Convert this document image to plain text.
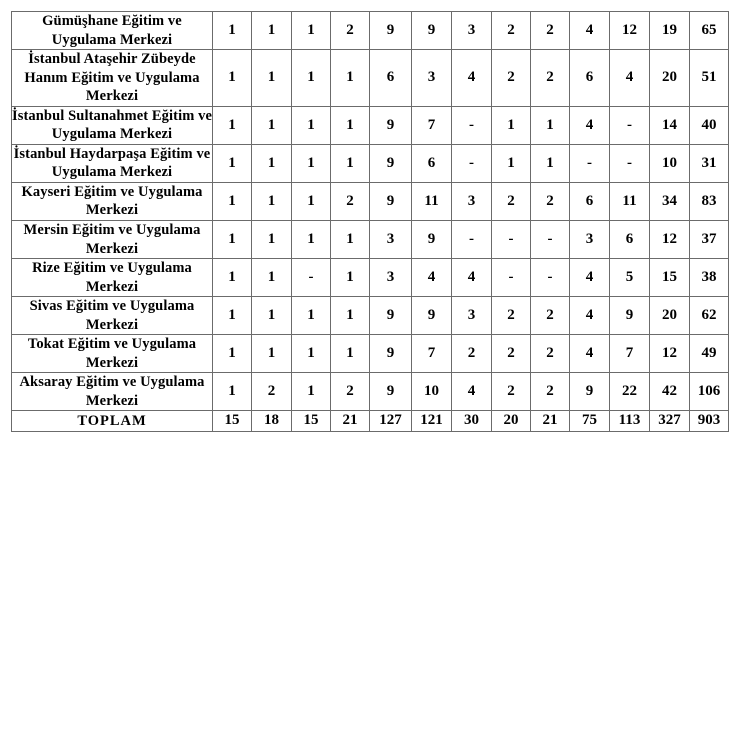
Gümüşhane Eğitim ve Uygulama Merkezi	1	1	1	2	9	9	3	2	2	4	12	19	65
İstanbul Ataşehir Zübeyde Hanım Eğitim ve Uygulama Merkezi	1	1	1	1	6	3	4	2	2	6	4	20	51
İstanbul Sultanahmet Eğitim ve Uygulama Merkezi	1	1	1	1	9	7	-	1	1	4	-	14	40
İstanbul Haydarpaşa Eğitim ve Uygulama Merkezi	1	1	1	1	9	6	-	1	1	-	-	10	31
Kayseri Eğitim ve Uygulama Merkezi	1	1	1	2	9	11	3	2	2	6	11	34	83
Mersin Eğitim ve Uygulama Merkezi	1	1	1	1	3	9	-	-	-	3	6	12	37
Rize Eğitim ve Uygulama Merkezi	1	1	-	1	3	4	4	-	-	4	5	15	38
Sivas Eğitim ve Uygulama Merkezi	1	1	1	1	9	9	3	2	2	4	9	20	62
Tokat Eğitim ve Uygulama Merkezi	1	1	1	1	9	7	2	2	2	4	7	12	49
Aksaray Eğitim ve Uygulama Merkezi	1	2	1	2	9	10	4	2	2	9	22	42	106
TOPLAM	15	18	15	21	127	121	30	20	21	75	113	327	903
